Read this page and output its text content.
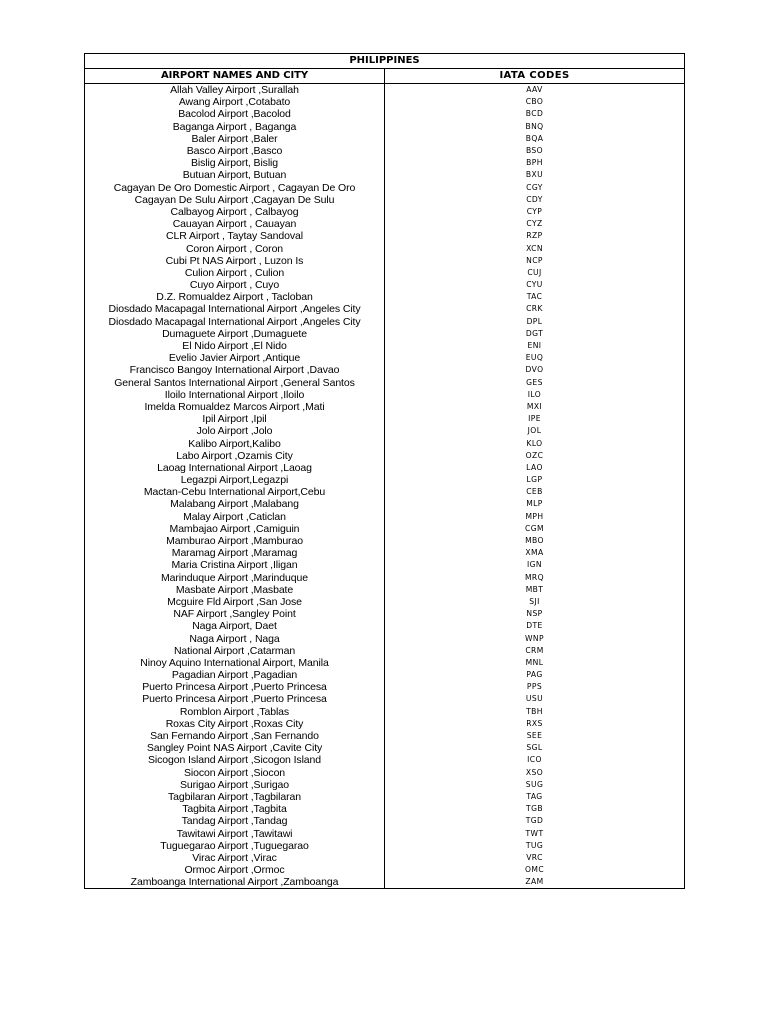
PHILIPPINES	
AIRPORT NAMES AND CITY	IATA CODES
Allah Valley Airport ,Surallah	AAV
Awang Airport ,Cotabato	CBO
Bacolod Airport ,Bacolod	BCD
Baganga Airport , Baganga	BNQ
Baler Airport ,Baler	BQA
Basco Airport ,Basco	BSO
Bislig Airport, Bislig	BPH
Butuan Airport, Butuan	BXU
Cagayan De Oro Domestic Airport , Cagayan De Oro	CGY
Cagayan De Sulu Airport ,Cagayan De Sulu	CDY
Calbayog Airport , Calbayog	CYP
Cauayan Airport , Cauayan	CYZ
CLR Airport , Taytay Sandoval	RZP
Coron Airport , Coron	XCN
Cubi Pt NAS Airport , Luzon Is	NCP
Culion Airport , Culion	CUJ
Cuyo Airport , Cuyo	CYU
D.Z. Romualdez Airport , Tacloban	TAC
Diosdado Macapagal International Airport ,Angeles City	CRK
Diosdado Macapagal International Airport ,Angeles City	DPL
Dumaguete Airport ,Dumaguete	DGT
El Nido Airport ,El Nido	ENI
Evelio Javier Airport ,Antique	EUQ
Francisco Bangoy International Airport ,Davao	DVO
General Santos International Airport ,General Santos	GES
Iloilo International Airport ,Iloilo	ILO
Imelda Romualdez Marcos Airport ,Mati	MXI
Ipil Airport ,Ipil	IPE
Jolo Airport ,Jolo	JOL
Kalibo Airport,Kalibo	KLO
Labo Airport ,Ozamis City	OZC
Laoag International Airport ,Laoag	LAO
Legazpi Airport,Legazpi	LGP
Mactan-Cebu International Airport,Cebu	CEB
Malabang Airport ,Malabang	MLP
Malay Airport ,Caticlan	MPH
Mambajao Airport ,Camiguin	CGM
Mamburao Airport ,Mamburao	MBO
Maramag Airport ,Maramag	XMA
Maria Cristina Airport ,Iligan	IGN
Marinduque Airport ,Marinduque	MRQ
Masbate Airport ,Masbate	MBT
Mcguire Fld Airport ,San Jose	SJI
NAF Airport ,Sangley Point	NSP
Naga Airport, Daet	DTE
Naga Airport , Naga	WNP
National Airport ,Catarman	CRM
Ninoy Aquino International Airport, Manila	MNL
Pagadian Airport ,Pagadian	PAG
Puerto Princesa Airport ,Puerto Princesa	PPS
Puerto Princesa Airport ,Puerto Princesa	USU
Romblon Airport ,Tablas	TBH
Roxas City Airport ,Roxas City	RXS
San Fernando Airport ,San Fernando	SEE
Sangley Point NAS Airport ,Cavite City	SGL
Sicogon Island Airport ,Sicogon Island	ICO
Siocon Airport ,Siocon	XSO
Surigao Airport ,Surigao	SUG
Tagbilaran Airport ,Tagbilaran	TAG
Tagbita Airport ,Tagbita	TGB
Tandag Airport ,Tandag	TGD
Tawitawi Airport ,Tawitawi	TWT
Tuguegarao Airport ,Tuguegarao	TUG
Virac Airport ,Virac	VRC
Ormoc Airport ,Ormoc	OMC
Zamboanga International Airport ,Zamboanga	ZAM
